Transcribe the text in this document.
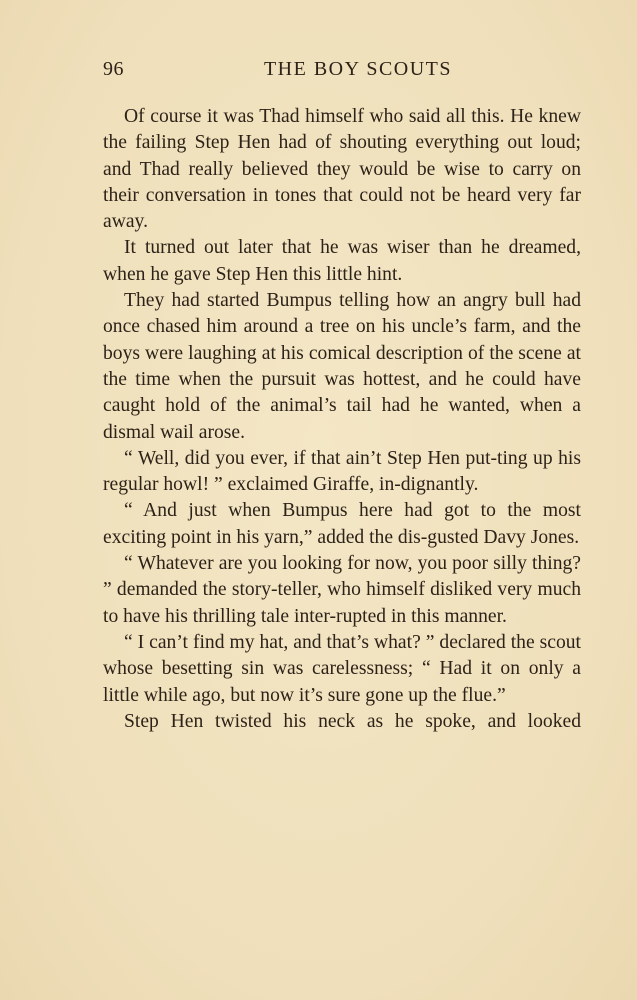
96	THE BOY SCOUTS

Of course it was Thad himself who said all this. He knew the failing Step Hen had of shouting everything out loud; and Thad really believed they would be wise to carry on their conversation in tones that could not be heard very far away.

It turned out later that he was wiser than he dreamed, when he gave Step Hen this little hint.

They had started Bumpus telling how an angry bull had once chased him around a tree on his uncle’s farm, and the boys were laughing at his comical description of the scene at the time when the pursuit was hottest, and he could have caught hold of the animal’s tail had he wanted, when a dismal wail arose.

“ Well, did you ever, if that ain’t Step Hen put-ting up his regular howl! ” exclaimed Giraffe, in-dignantly.

“ And just when Bumpus here had got to the most exciting point in his yarn,” added the dis-gusted Davy Jones.

“ Whatever are you looking for now, you poor silly thing? ” demanded the story-teller, who himself disliked very much to have his thrilling tale inter-rupted in this manner.

“ I can’t find my hat, and that’s what? ” declared the scout whose besetting sin was carelessness; “ Had it on only a little while ago, but now it’s sure gone up the flue.”

Step Hen twisted his neck as he spoke, and looked
